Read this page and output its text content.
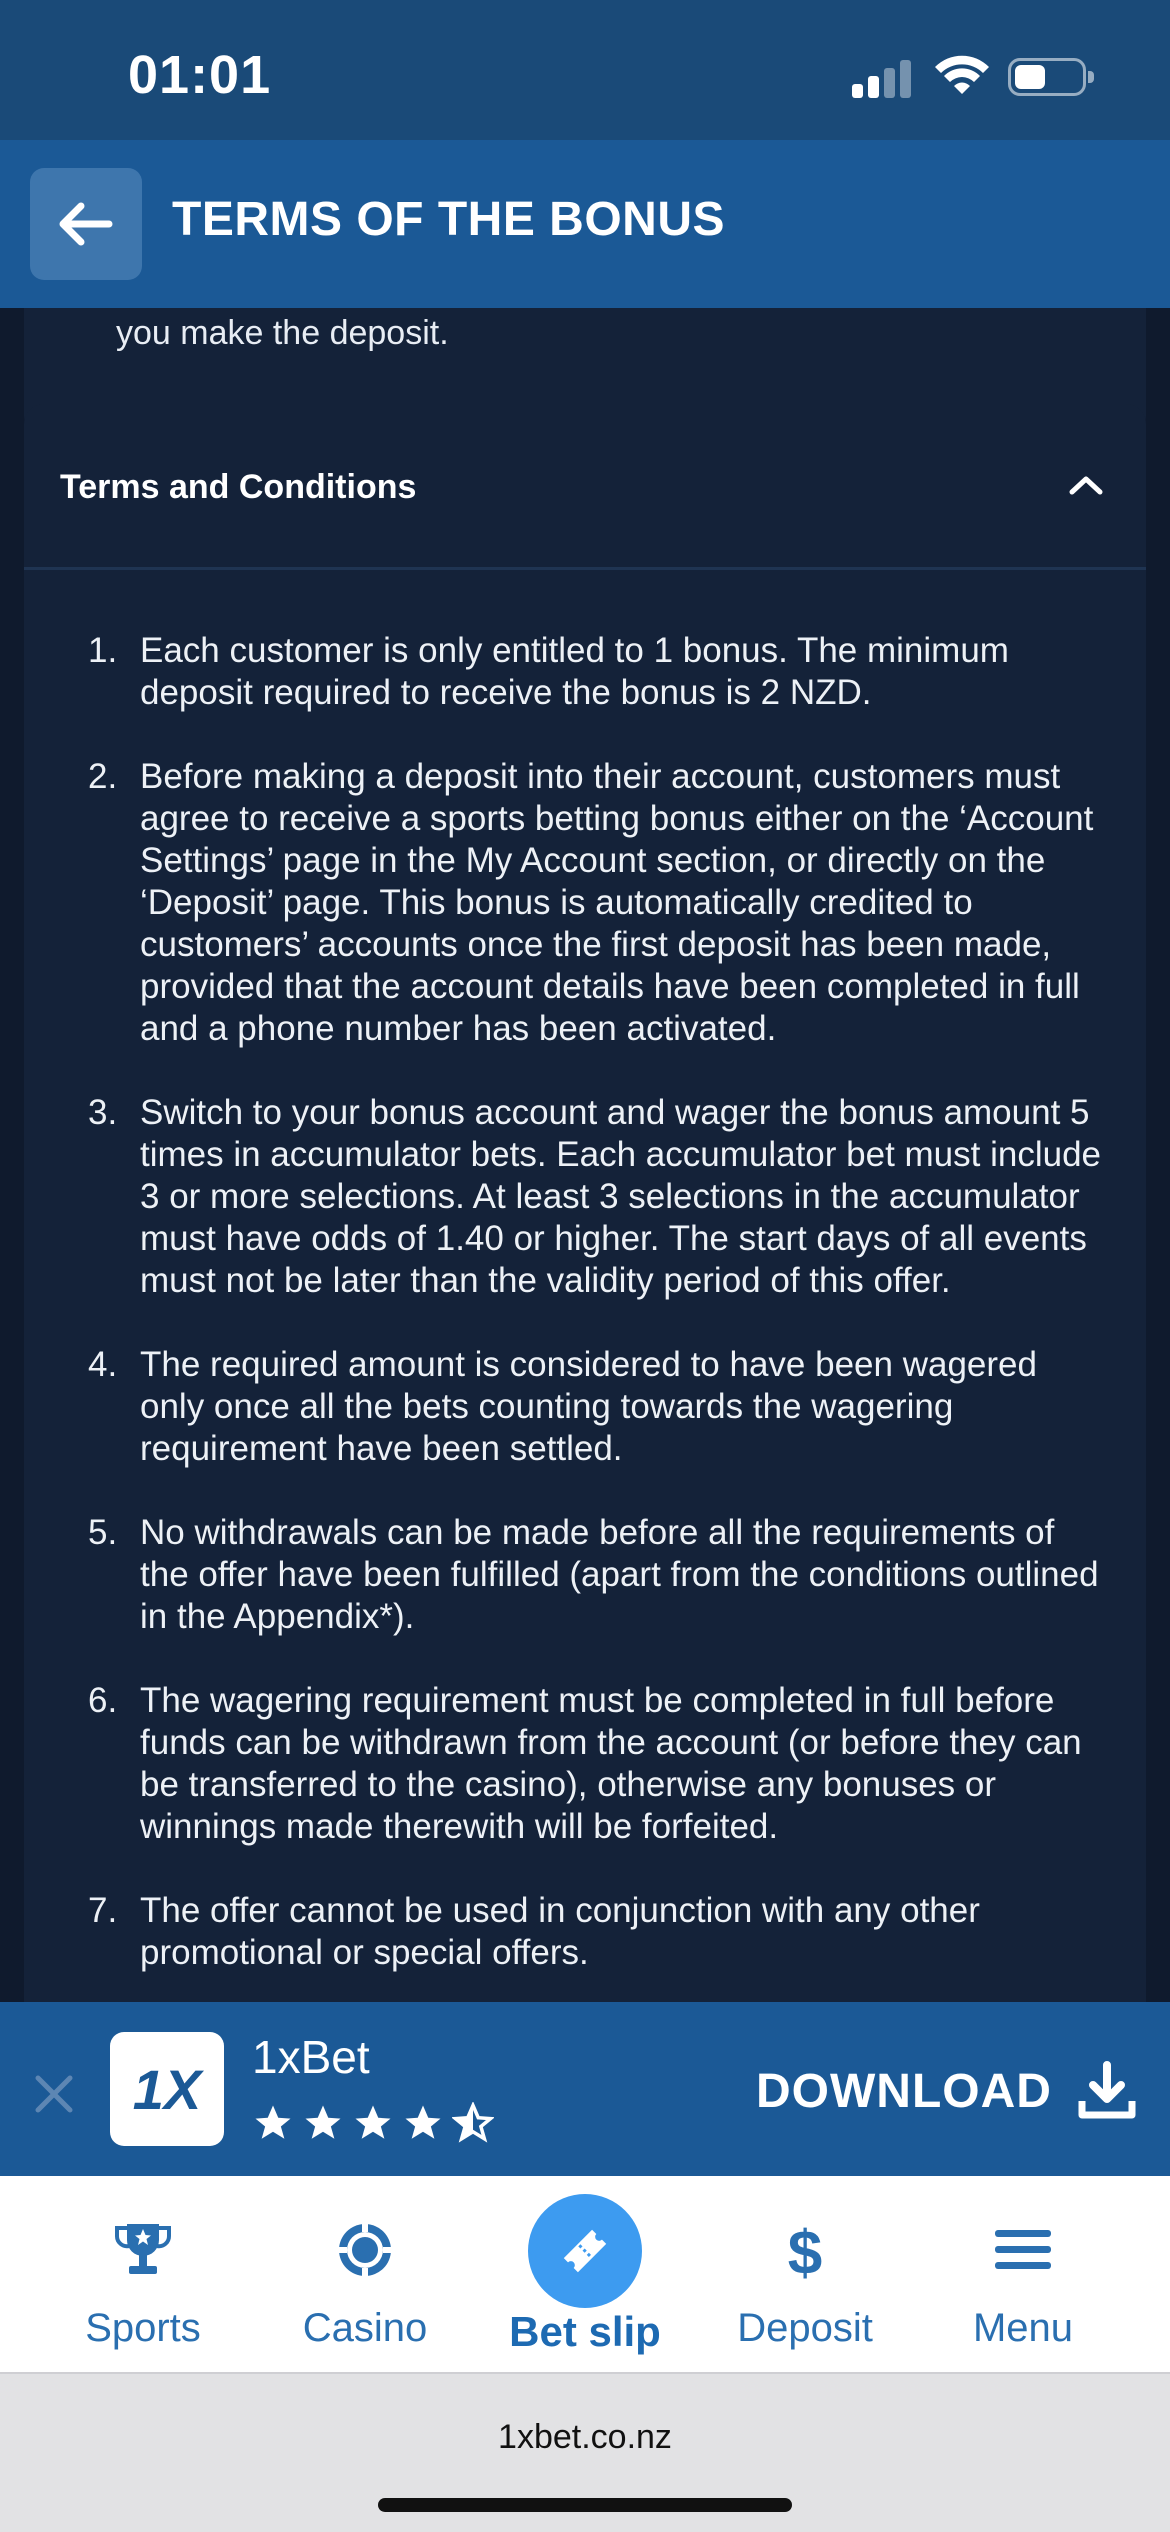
01:01
TERMS OF THE BONUS
you make the deposit.
Terms and Conditions
1. Each customer is only entitled to 1 bonus. The minimum deposit required to receive the bonus is 2 NZD.
2. Before making a deposit into their account, customers must agree to receive a sports betting bonus either on the ‘Account Settings’ page in the My Account section, or directly on the ‘Deposit’ page. This bonus is automatically credited to customers’ accounts once the first deposit has been made, provided that the account details have been completed in full and a phone number has been activated.
3. Switch to your bonus account and wager the bonus amount 5 times in accumulator bets. Each accumulator bet must include 3 or more selections. At least 3 selections in the accumulator must have odds of 1.40 or higher. The start days of all events must not be later than the validity period of this offer.
4. The required amount is considered to have been wagered only once all the bets counting towards the wagering requirement have been settled.
5. No withdrawals can be made before all the requirements of the offer have been fulfilled (apart from the conditions outlined in the Appendix*).
6. The wagering requirement must be completed in full before funds can be withdrawn from the account (or before they can be transferred to the casino), otherwise any bonuses or winnings made therewith will be forfeited.
7. The offer cannot be used in conjunction with any other promotional or special offers.
1X
1xBet
DOWNLOAD
Sports	Casino	Bet slip
$
Deposit	Menu
1xbet.co.nz
